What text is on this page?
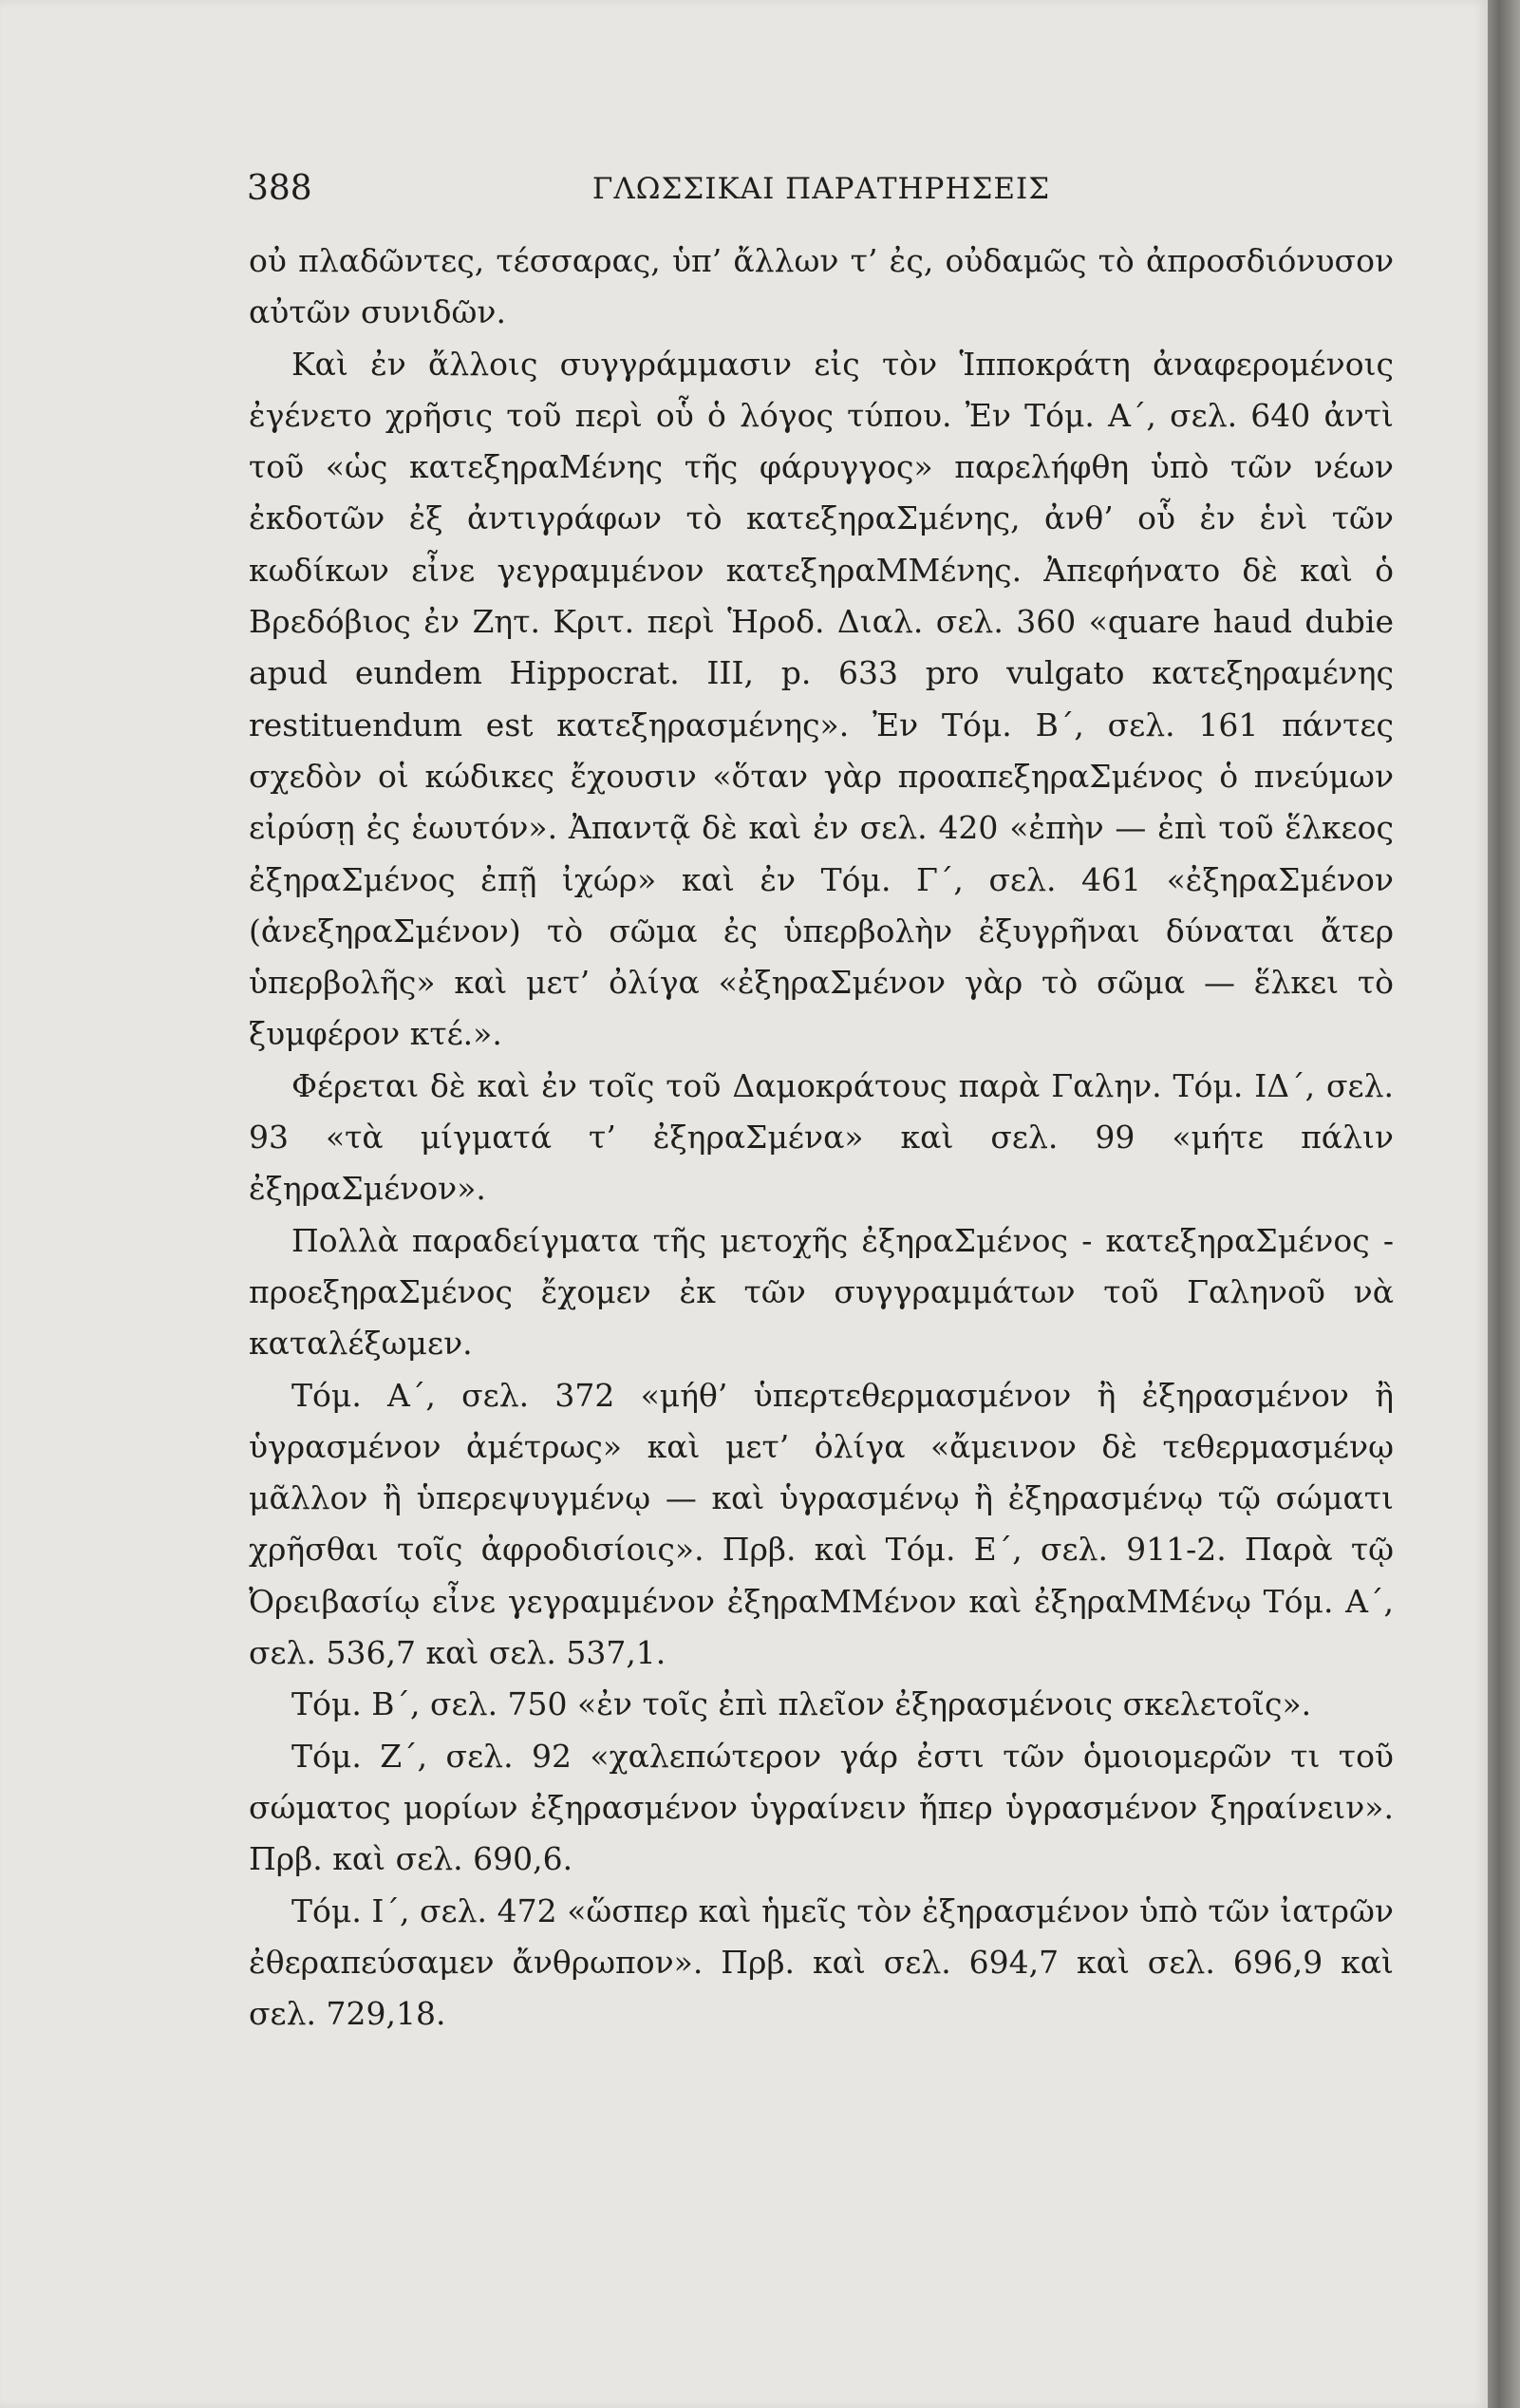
388	ΓΛΩΣΣΙΚΑΙ ΠΑΡΑΤΗΡΗΣΕΙΣ

οὐ πλαδῶντες, τέσσαρας, ὑπ’ ἄλλων τ’ ἐς, οὐδαμῶς τὸ ἀπροσδιόνυσον αὐτῶν συνιδῶν.

Καὶ ἐν ἄλλοις συγγράμμασιν εἰς τὸν Ἱπποκράτη ἀναφερομένοις ἐγένετο χρῆσις τοῦ περὶ οὗ ὁ λόγος τύπου. Ἐν Τόμ. Α΄, σελ. 640 ἀντὶ τοῦ «ὡς κατεξηραΜένης τῆς φάρυγγος» παρελήφθη ὑπὸ τῶν νέων ἐκδοτῶν ἐξ ἀντιγράφων τὸ κατεξηραΣμένης, ἀνθ’ οὗ ἐν ἑνὶ τῶν κωδίκων εἶνε γεγραμμένον κατεξηραΜΜένης. Ἀπεφήνατο δὲ καὶ ὁ Βρεδόβιος ἐν Ζητ. Κριτ. περὶ Ἡροδ. Διαλ. σελ. 360 «quare haud dubie apud eundem Hippocrat. III, p. 633 pro vulgato κατεξηραμένης restituendum est κατεξηρασμένης». Ἐν Τόμ. Β΄, σελ. 161 πάντες σχεδὸν οἱ κώδικες ἔχουσιν «ὅταν γὰρ προαπεξηραΣμένος ὁ πνεύμων εἰρύσῃ ἐς ἑωυτόν». Ἀπαντᾷ δὲ καὶ ἐν σελ. 420 «ἐπὴν — ἐπὶ τοῦ ἕλκεος ἐξηραΣμένος ἐπῇ ἰχώρ» καὶ ἐν Τόμ. Γ΄, σελ. 461 «ἐξηραΣμένον (ἀνεξηραΣμένον) τὸ σῶμα ἐς ὑπερβολὴν ἐξυγρῆναι δύναται ἄτερ ὑπερβολῆς» καὶ μετ’ ὀλίγα «ἐξηραΣμένον γὰρ τὸ σῶμα — ἕλκει τὸ ξυμφέρον κτέ.».

Φέρεται δὲ καὶ ἐν τοῖς τοῦ Δαμοκράτους παρὰ Γαλην. Τόμ. ΙΔ΄, σελ. 93 «τὰ μίγματά τ’ ἐξηραΣμένα» καὶ σελ. 99 «μήτε πάλιν ἐξηραΣμένον».

Πολλὰ παραδείγματα τῆς μετοχῆς ἐξηραΣμένος - κατεξηραΣμένος - προεξηραΣμένος ἔχομεν ἐκ τῶν συγγραμμάτων τοῦ Γαληνοῦ νὰ καταλέξωμεν.

Τόμ. Α΄, σελ. 372 «μήθ’ ὑπερτεθερμασμένον ἢ ἐξηρασμένον ἢ ὑγρασμένον ἀμέτρως» καὶ μετ’ ὀλίγα «ἄμεινον δὲ τεθερμασμένῳ μᾶλλον ἢ ὑπερεψυγμένῳ — καὶ ὑγρασμένῳ ἢ ἐξηρασμένῳ τῷ σώματι χρῆσθαι τοῖς ἀφροδισίοις». Πρβ. καὶ Τόμ. Ε΄, σελ. 911-2. Παρὰ τῷ Ὀρειβασίῳ εἶνε γεγραμμένον ἐξηραΜΜένον καὶ ἐξηραΜΜένῳ Τόμ. Α΄, σελ. 536,7 καὶ σελ. 537,1.

Τόμ. Β΄, σελ. 750 «ἐν τοῖς ἐπὶ πλεῖον ἐξηρασμένοις σκελετοῖς».

Τόμ. Ζ΄, σελ. 92 «χαλεπώτερον γάρ ἐστι τῶν ὁμοιομερῶν τι τοῦ σώματος μορίων ἐξηρασμένον ὑγραίνειν ἤπερ ὑγρασμένον ξηραίνειν». Πρβ. καὶ σελ. 690,6.

Τόμ. Ι΄, σελ. 472 «ὥσπερ καὶ ἡμεῖς τὸν ἐξηρασμένον ὑπὸ τῶν ἰατρῶν ἐθεραπεύσαμεν ἄνθρωπον». Πρβ. καὶ σελ. 694,7 καὶ σελ. 696,9 καὶ σελ. 729,18.
